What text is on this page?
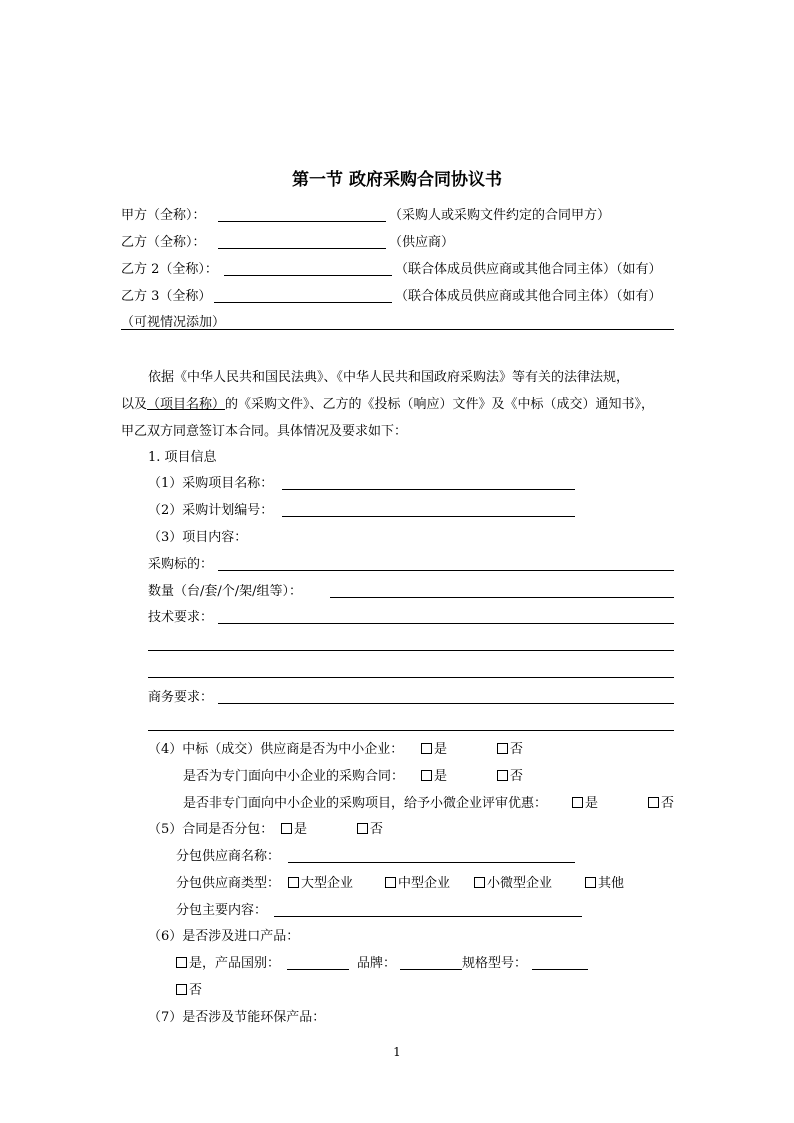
第一节 政府采购合同协议书
甲方（全称）：	（采购人或采购文件约定的合同甲方）
乙方（全称）：	（供应商）
乙方 2（全称）：	（联合体成员供应商或其他合同主体）（如有）
乙方 3（全称）	（联合体成员供应商或其他合同主体）（如有）
（可视情况添加）
依据《中华人民共和国民法典》、《中华人民共和国政府采购法》等有关的法律法规，
以及（项目名称）的《采购文件》、乙方的《投标（响应）文件》及《中标（成交）通知书》，
甲乙双方同意签订本合同。具体情况及要求如下：
1. 项目信息
（1）采购项目名称：
（2）采购计划编号：
（3）项目内容：
采购标的：
数量（台/套/个/架/组等）：
技术要求：
商务要求：
（4）中标（成交）供应商是否为中小企业：	是	否
是否为专门面向中小企业的采购合同：	是	否
是否非专门面向中小企业的采购项目，给予小微企业评审优惠：	是	否
（5）合同是否分包：	是	否
分包供应商名称：
分包供应商类型：	大型企业	中型企业	小微型企业	其他
分包主要内容：
（6）是否涉及进口产品：
是，产品国别：	品牌：	规格型号：
否
（7）是否涉及节能环保产品：
1
